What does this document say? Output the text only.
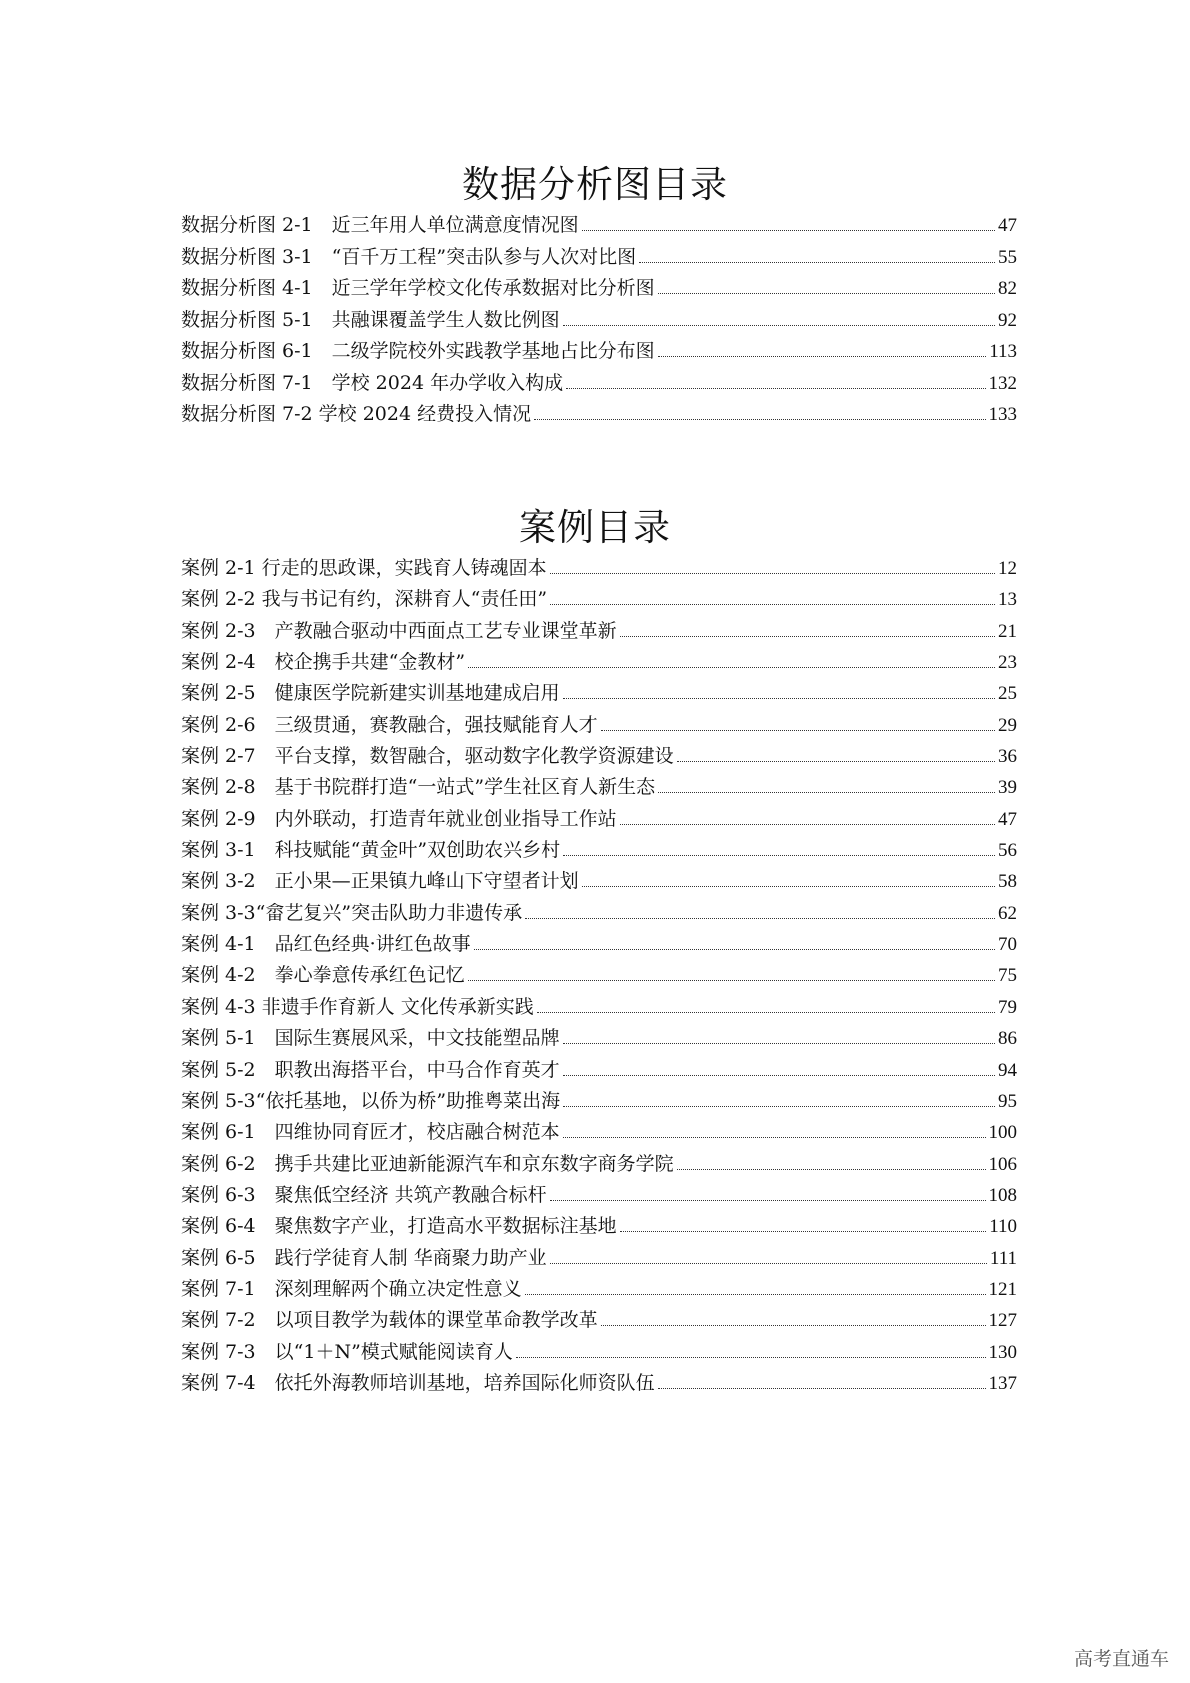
数据分析图目录
数据分析图 2-1　近三年用人单位满意度情况图	47
数据分析图 3-1　“百千万工程”突击队参与人次对比图	55
数据分析图 4-1　近三学年学校文化传承数据对比分析图	82
数据分析图 5-1　共融课覆盖学生人数比例图	92
数据分析图 6-1　二级学院校外实践教学基地占比分布图	113
数据分析图 7-1　学校 2024 年办学收入构成	132
数据分析图 7-2 学校 2024 经费投入情况	133
案例目录
案例 2-1 行走的思政课，实践育人铸魂固本	12
案例 2-2 我与书记有约，深耕育人“责任田”	13
案例 2-3　产教融合驱动中西面点工艺专业课堂革新	21
案例 2-4　校企携手共建“金教材”	23
案例 2-5　健康医学院新建实训基地建成启用	25
案例 2-6　三级贯通，赛教融合，强技赋能育人才	29
案例 2-7　平台支撑，数智融合，驱动数字化教学资源建设	36
案例 2-8　基于书院群打造“一站式”学生社区育人新生态	39
案例 2-9　内外联动，打造青年就业创业指导工作站	47
案例 3-1　科技赋能“黄金叶”双创助农兴乡村	56
案例 3-2　正小果—正果镇九峰山下守望者计划	58
案例 3-3“畲艺复兴”突击队助力非遗传承	62
案例 4-1　品红色经典·讲红色故事	70
案例 4-2　拳心拳意传承红色记忆	75
案例 4-3 非遗手作育新人 文化传承新实践	79
案例 5-1　国际生赛展风采，中文技能塑品牌	86
案例 5-2　职教出海搭平台，中马合作育英才	94
案例 5-3“依托基地，以侨为桥”助推粤菜出海	95
案例 6-1　四维协同育匠才，校店融合树范本	100
案例 6-2　携手共建比亚迪新能源汽车和京东数字商务学院	106
案例 6-3　聚焦低空经济 共筑产教融合标杆	108
案例 6-4　聚焦数字产业，打造高水平数据标注基地	110
案例 6-5　践行学徒育人制 华商聚力助产业	111
案例 7-1　深刻理解两个确立决定性意义	121
案例 7-2　以项目教学为载体的课堂革命教学改革	127
案例 7-3　以“1＋N”模式赋能阅读育人	130
案例 7-4　依托外海教师培训基地，培养国际化师资队伍	137
高考直通车
